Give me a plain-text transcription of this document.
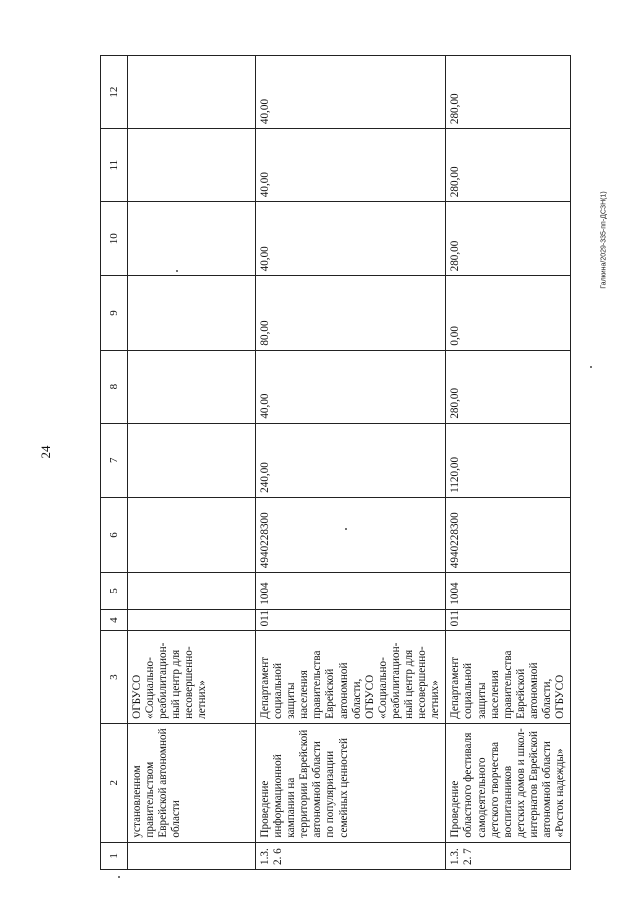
24
Галкина/2029-335-пп-ДСЗН(1)
1	2	3	4	5	6	7	8	9	10	11	12
	установленном правительством Еврейской автономной области	ОГБУСО «Социально-реабилитацион-ный центр для несовершенно-летних»									
1.3.2. 6	Проведение информационной кампании на территории Еврейской автономной области по популяризации семейных ценностей	Департамент социальной защиты населения правительства Еврейской автономной области, ОГБУСО «Социально-реабилитацион-ный центр для несовершенно-летних»	011	1004	4940228300	240,00	40,00	80,00	40,00	40,00	40,00
1.3.2. 7	Проведение областного фестиваля самодеятельного детского творчества воспитанников детских домов и школ-интернатов Еврейской автономной области «Росток надежды»	Департамент социальной защиты населения правительства Еврейской автономной области, ОГБУСО	011	1004	4940228300	1120,00	280,00	0,00	280,00	280,00	280,00
